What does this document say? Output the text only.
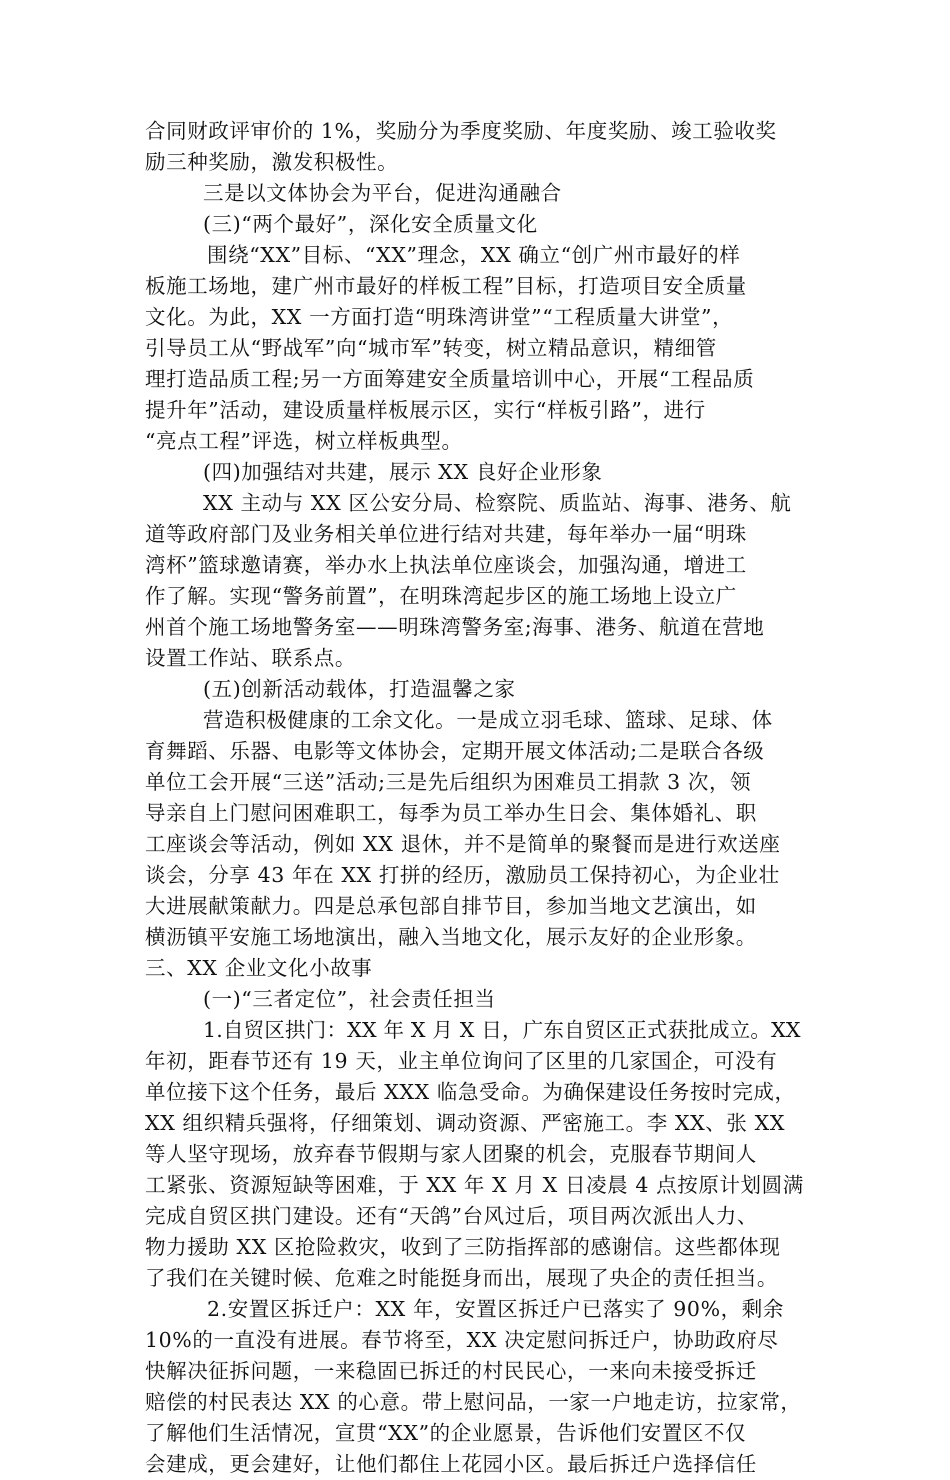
合同财政评审价的 1%，奖励分为季度奖励、年度奖励、竣工验收奖
励三种奖励，激发积极性。
三是以文体协会为平台，促进沟通融合
(三)“两个最好”，深化安全质量文化
围绕“XX”目标、“XX”理念，XX 确立“创广州市最好的样
板施工场地，建广州市最好的样板工程”目标，打造项目安全质量
文化。为此，XX 一方面打造“明珠湾讲堂”“工程质量大讲堂”，
引导员工从“野战军”向“城市军”转变，树立精品意识，精细管
理打造品质工程;另一方面筹建安全质量培训中心，开展“工程品质
提升年”活动，建设质量样板展示区，实行“样板引路”，进行
“亮点工程”评选，树立样板典型。
(四)加强结对共建，展示 XX 良好企业形象
XX 主动与 XX 区公安分局、检察院、质监站、海事、港务、航
道等政府部门及业务相关单位进行结对共建，每年举办一届“明珠
湾杯”篮球邀请赛，举办水上执法单位座谈会，加强沟通，增进工
作了解。实现“警务前置”，在明珠湾起步区的施工场地上设立广
州首个施工场地警务室——明珠湾警务室;海事、港务、航道在营地
设置工作站、联系点。
(五)创新活动载体，打造温馨之家
营造积极健康的工余文化。一是成立羽毛球、篮球、足球、体
育舞蹈、乐器、电影等文体协会，定期开展文体活动;二是联合各级
单位工会开展“三送”活动;三是先后组织为困难员工捐款 3 次，领
导亲自上门慰问困难职工，每季为员工举办生日会、集体婚礼、职
工座谈会等活动，例如 XX 退休，并不是简单的聚餐而是进行欢送座
谈会，分享 43 年在 XX 打拼的经历，激励员工保持初心，为企业壮
大进展献策献力。四是总承包部自排节目，参加当地文艺演出，如
横沥镇平安施工场地演出，融入当地文化，展示友好的企业形象。
三、XX 企业文化小故事
(一)“三者定位”，社会责任担当
1.自贸区拱门：XX 年 X 月 X 日，广东自贸区正式获批成立。XX
年初，距春节还有 19 天，业主单位询问了区里的几家国企，可没有
单位接下这个任务，最后 XXX 临急受命。为确保建设任务按时完成，
XX 组织精兵强将，仔细策划、调动资源、严密施工。李 XX、张 XX
等人坚守现场，放弃春节假期与家人团聚的机会，克服春节期间人
工紧张、资源短缺等困难，于 XX 年 X 月 X 日凌晨 4 点按原计划圆满
完成自贸区拱门建设。还有“天鸽”台风过后，项目两次派出人力、
物力援助 XX 区抢险救灾，收到了三防指挥部的感谢信。这些都体现
了我们在关键时候、危难之时能挺身而出，展现了央企的责任担当。
2.安置区拆迁户：XX 年，安置区拆迁户已落实了 90%，剩余
10%的一直没有进展。春节将至，XX 决定慰问拆迁户，协助政府尽
快解决征拆问题，一来稳固已拆迁的村民民心，一来向未接受拆迁
赔偿的村民表达 XX 的心意。带上慰问品，一家一户地走访，拉家常，
了解他们生活情况，宣贯“XX”的企业愿景，告诉他们安置区不仅
会建成，更会建好，让他们都住上花园小区。最后拆迁户选择信任
